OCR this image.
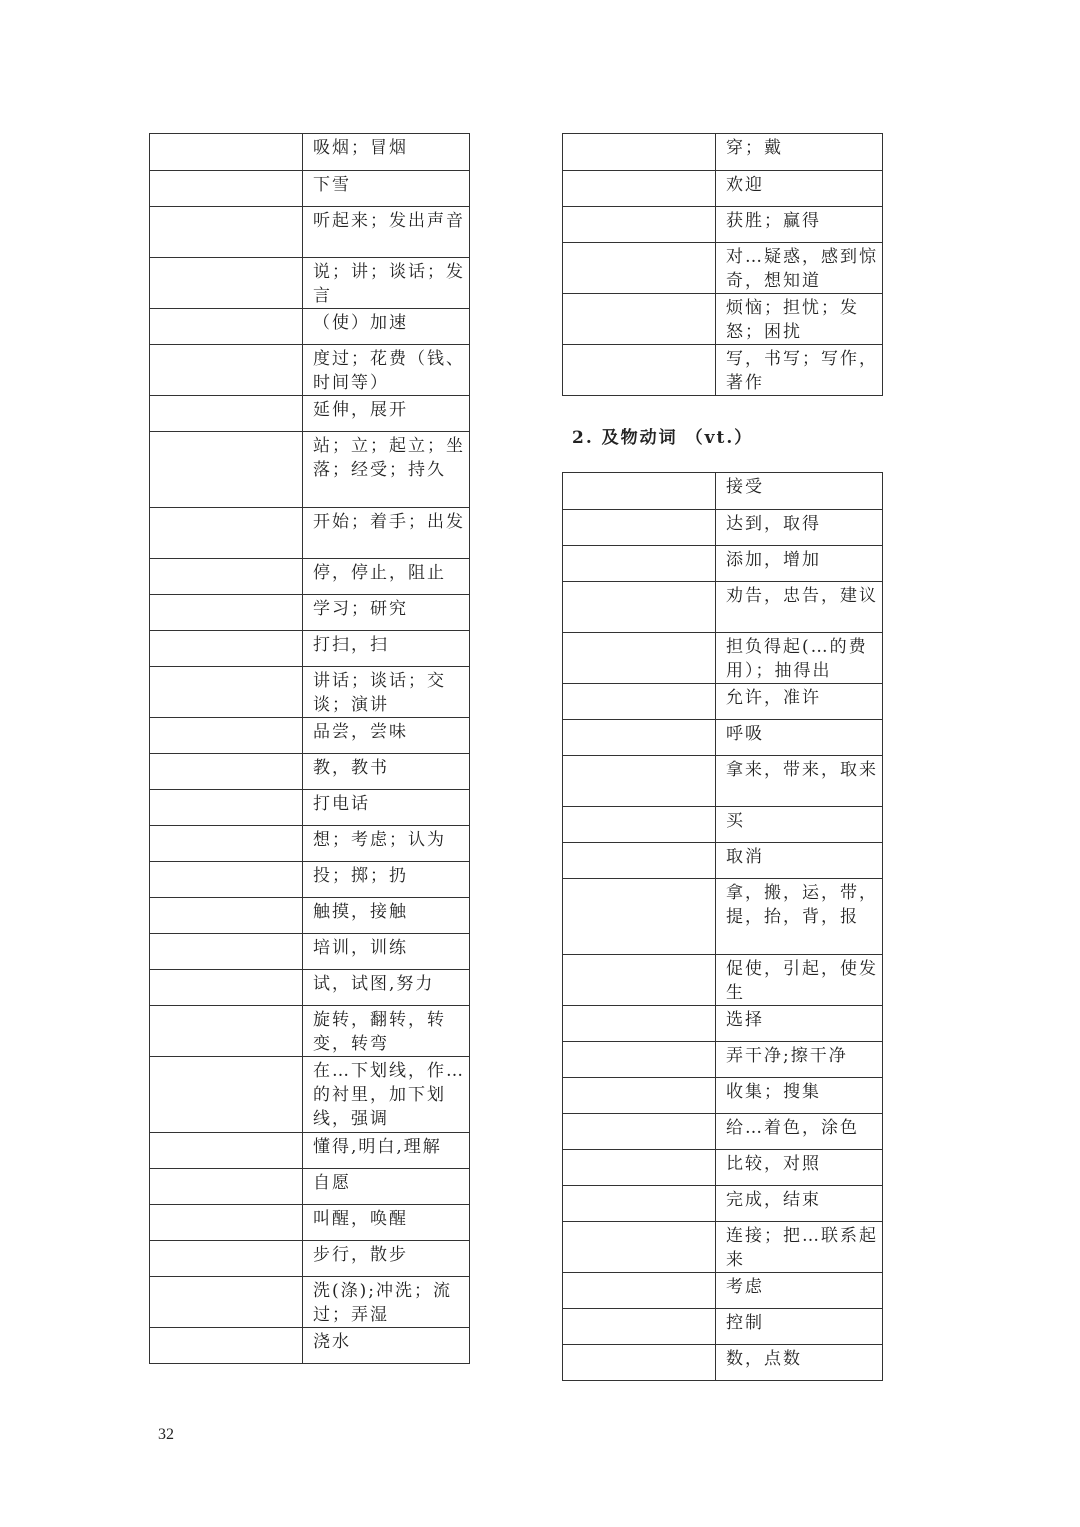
	吸烟；冒烟
	下雪
	听起来；发出声音
	说；讲；谈话；发言
	（使）加速
	度过；花费（钱、时间等）
	延伸，展开
	站；立；起立；坐落；经受；持久
	开始；着手；出发
	停，停止，阻止
	学习；研究
	打扫，扫
	讲话；谈话；交谈；演讲
	品尝，尝味
	教，教书
	打电话
	想；考虑；认为
	投；掷；扔
	触摸，接触
	培训，训练
	试，试图,努力
	旋转，翻转，转变，转弯
	在…下划线，作…的衬里，加下划线，强调
	懂得,明白,理解
	自愿
	叫醒，唤醒
	步行，散步
	洗(涤);冲洗；流过；弄湿
	浇水
	穿；戴
	欢迎
	获胜；赢得
	对…疑惑，感到惊奇，想知道
	烦恼；担忧；发怒；困扰
	写，书写；写作，著作
2. 及物动词 （vt.）
	接受
	达到，取得
	添加，增加
	劝告，忠告，建议
	担负得起(…的费用）；抽得出
	允许，准许
	呼吸
	拿来，带来，取来
	买
	取消
	拿，搬，运，带，提，抬，背，报
	促使，引起，使发生
	选择
	弄干净;擦干净
	收集；搜集
	给…着色，涂色
	比较，对照
	完成，结束
	连接；把…联系起来
	考虑
	控制
	数，点数
32
